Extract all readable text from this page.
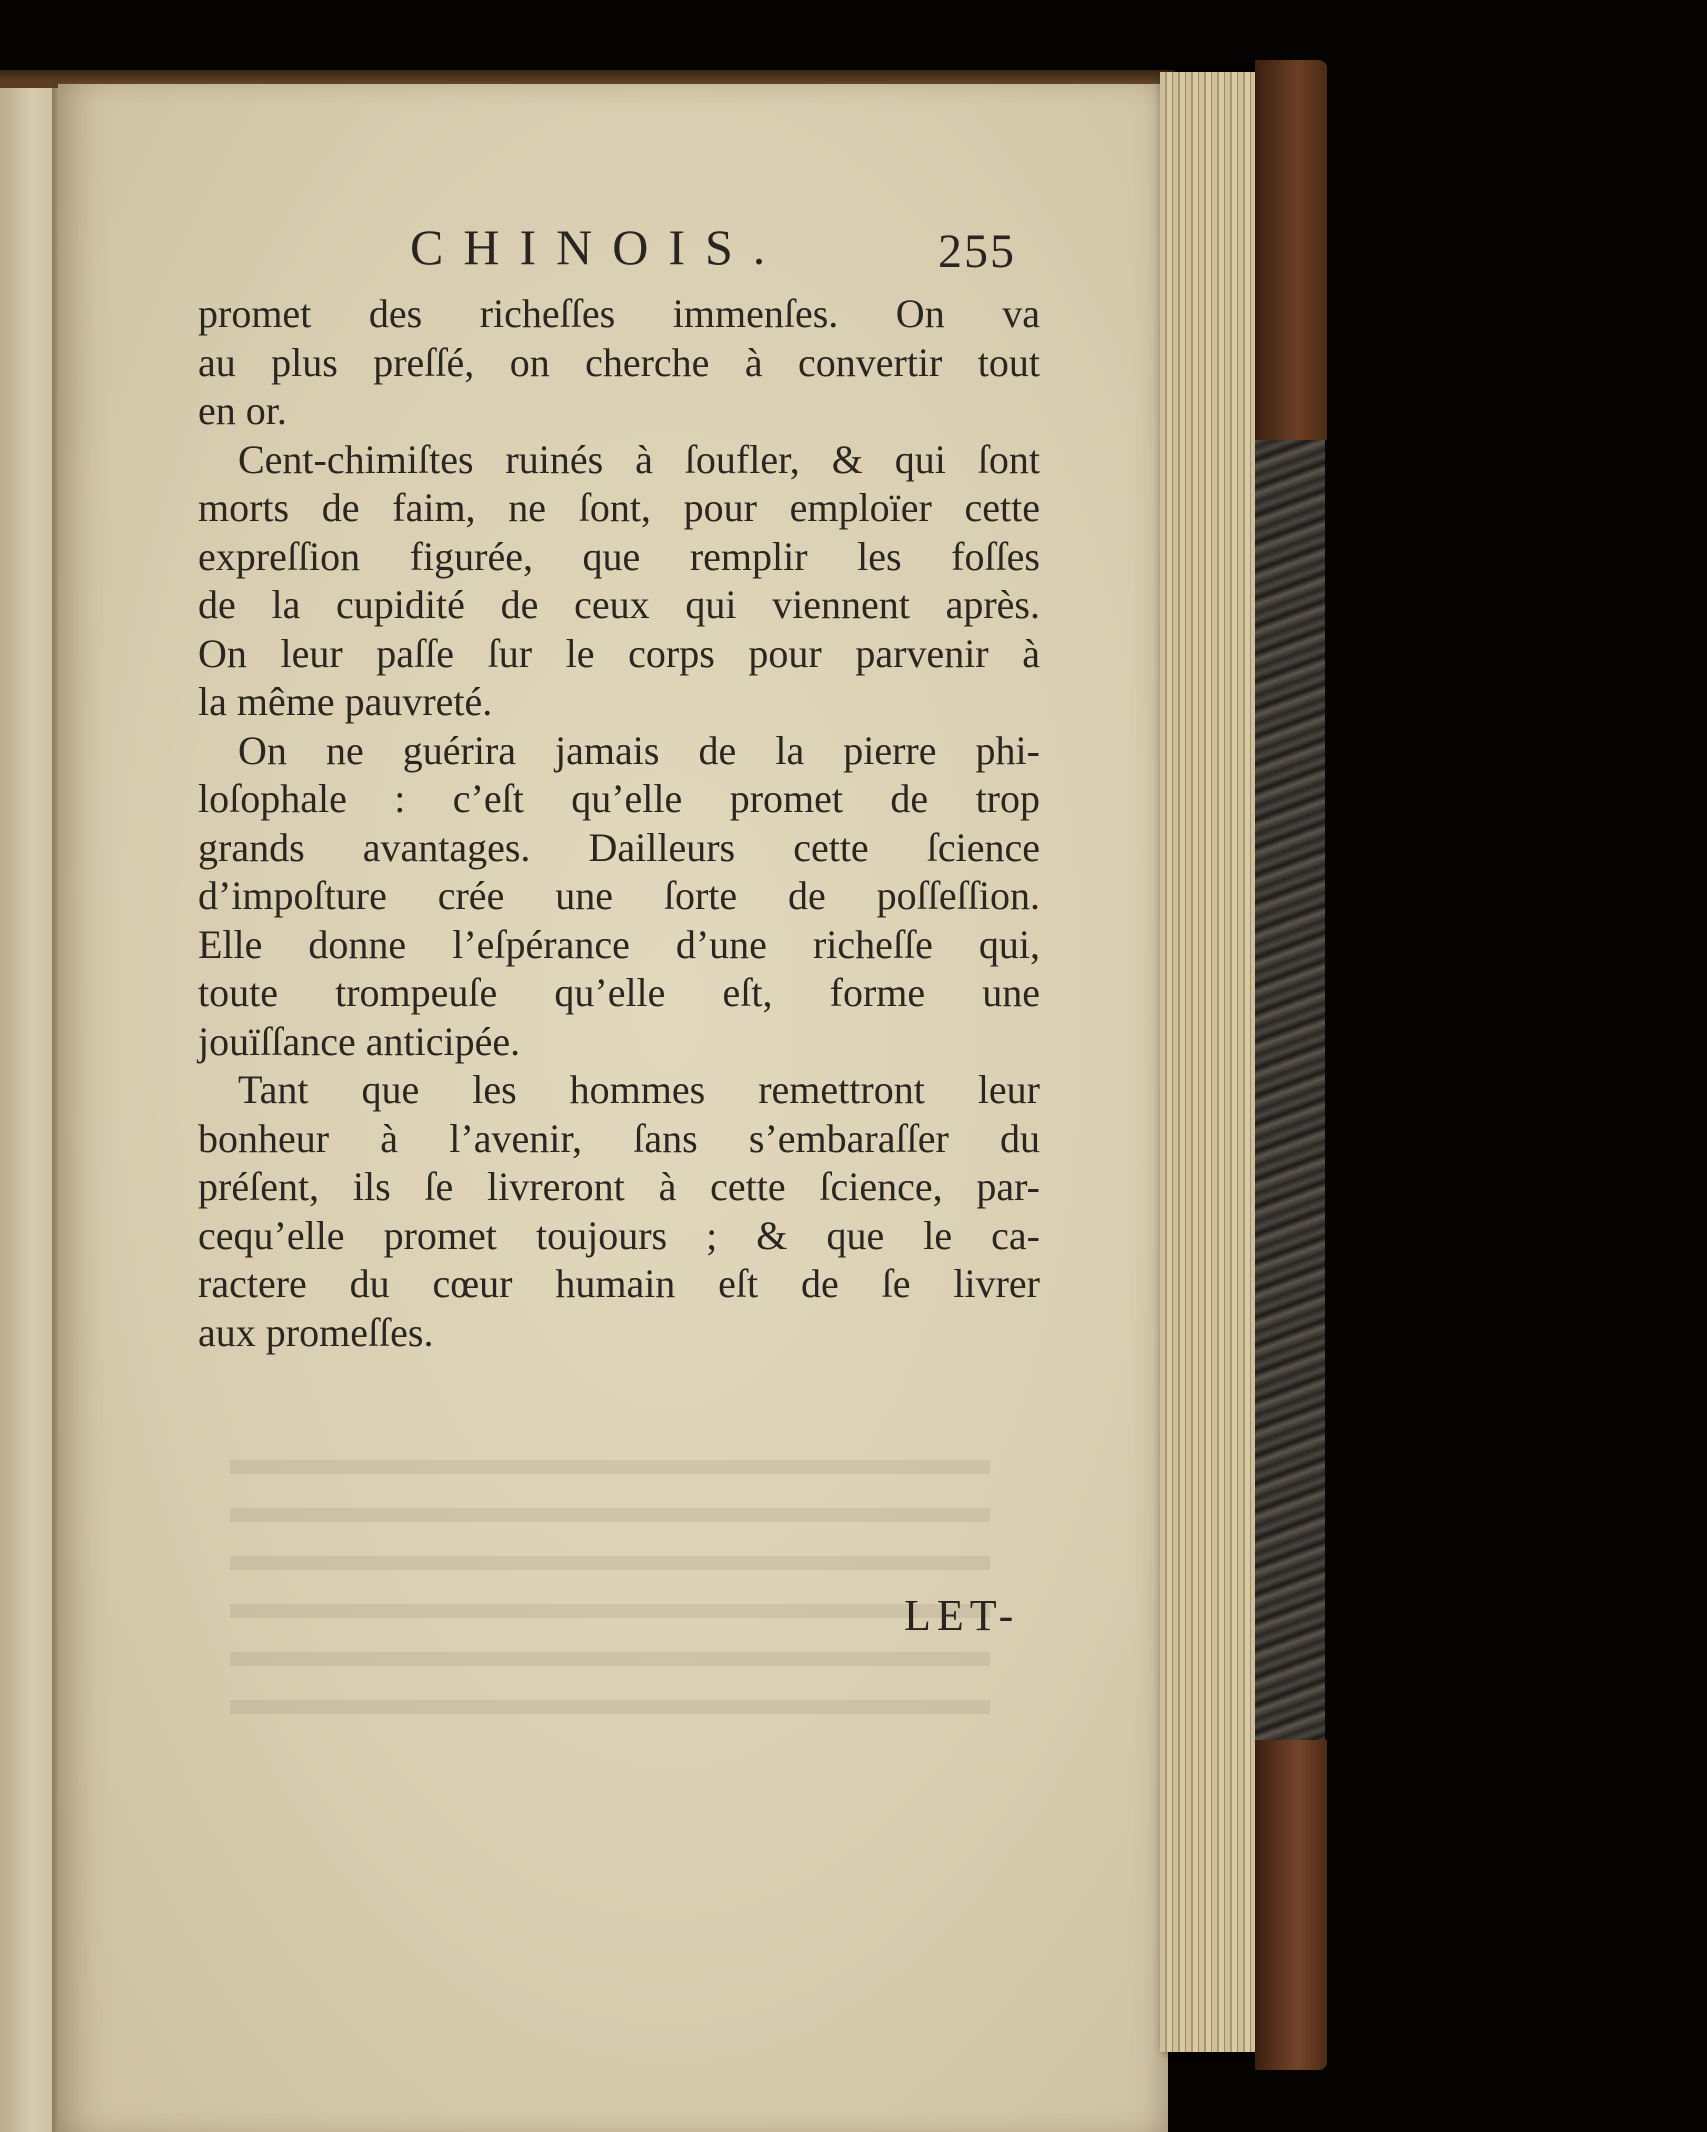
CHINOIS.	255
promet des richeſſes immenſes. On va
au plus preſſé, on cherche à convertir tout
en or.
Cent-chimiſtes ruinés à ſoufler, & qui ſont
morts de faim, ne ſont, pour emploïer cette
expreſſion figurée, que remplir les foſſes
de la cupidité de ceux qui viennent après.
On leur paſſe ſur le corps pour parvenir à
la même pauvreté.
On ne guérira jamais de la pierre phi-
loſophale : c’eſt qu’elle promet de trop
grands avantages. Dailleurs cette ſcience
d’impoſture crée une ſorte de poſſeſſion.
Elle donne l’eſpérance d’une richeſſe qui,
toute trompeuſe qu’elle eſt, forme une
jouïſſance anticipée.
Tant que les hommes remettront leur
bonheur à l’avenir, ſans s’embaraſſer du
préſent, ils ſe livreront à cette ſcience, par-
cequ’elle promet toujours ; & que le ca-
ractere du cœur humain eſt de ſe livrer
aux promeſſes.
LET-
